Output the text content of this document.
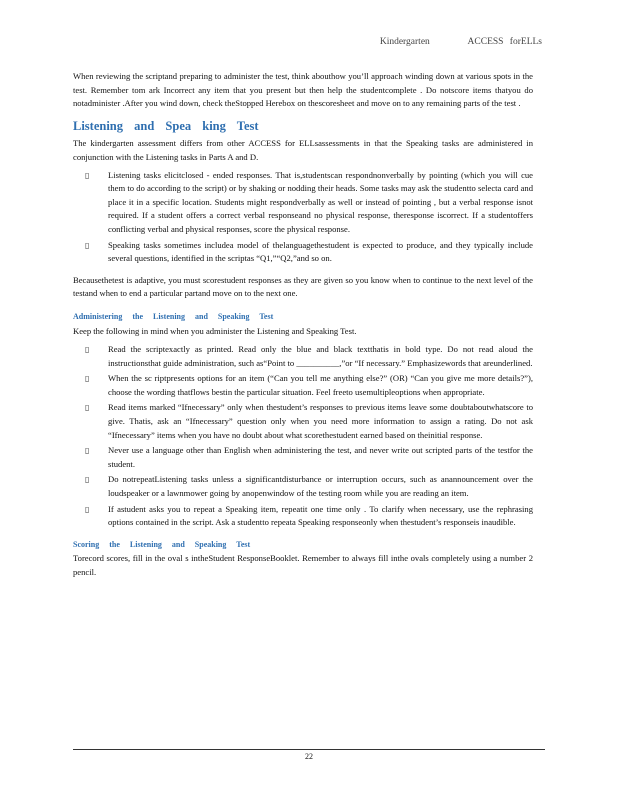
Kindergarten	ACCESS forELLs

When reviewing the scriptand preparing to administer the test, think abouthow you’ll approach winding down at various spots in the test. Remember tom ark Incorrect any item that you present but then help the studentcomplete . Do notscore items thatyou do notadminister .After you wind down, check theStopped Herebox on thescoresheet and move on to any remaining parts of the test .

Listening and Spea king Test

The kindergarten assessment differs from other ACCESS for ELLsassessments in that the Speaking tasks are administered in conjunction with the Listening tasks in Parts A and D.

▯ Listening tasks elicitclosed - ended responses. That is,studentscan respondnonverbally by pointing (which you will cue them to do according to the script) or by shaking or nodding their heads. Some tasks may ask the studentto selecta card and place it in a specific location. Students might respondverbally as well or instead of pointing , but a verbal response isnot required. If a student offers a correct verbal responseand no physical response, theresponse iscorrect. If a studentoffers conflicting verbal and physical responses, score the physical response.
▯ Speaking tasks sometimes includea model of thelanguagethestudent is expected to produce, and they typically include several questions, identified in the scriptas “Q1,”“Q2,”and so on.

Becausethetest is adaptive, you must scorestudent responses as they are given so you know when to continue to the next level of the testand when to end a particular partand move on to the next one.

Administering the Listening and Speaking Test

Keep the following in mind when you administer the Listening and Speaking Test.

▯ Read the scriptexactly as printed. Read only the blue and black textthatis in bold type. Do not read aloud the instructionsthat guide administration, such as“Point to __________,”or “If necessary.” Emphasizewords that areunderlined.
▯ When the sc riptpresents options for an item (“Can you tell me anything else?” (OR) “Can you give me more details?”), choose the wording thatflows bestin the particular situation. Feel freeto usemultipleoptions when appropriate.
▯ Read items marked “Ifnecessary” only when thestudent’s responses to previous items leave some doubtaboutwhatscore to give. Thatis, ask an “Ifnecessary” question only when you need more information to assign a rating. Do not ask “Ifnecessary” items when you have no doubt about what scorethestudent earned based on theinitial response.
▯ Never use a language other than English when administering the test, and never write out scripted parts of the testfor the student.
▯ Do notrepeatListening tasks unless a significantdisturbance or interruption occurs, such as anannouncement over the loudspeaker or a lawnmower going by anopenwindow of the testing room while you are reading an item.
▯ If astudent asks you to repeat a Speaking item, repeatit one time only . To clarify when necessary, use the rephrasing options contained in the script. Ask a studentto repeata Speaking responseonly when thestudent’s responseis inaudible.
Scoring the Listening and Speaking Test

Torecord scores, fill in the oval s intheStudent ResponseBooklet. Remember to always fill inthe ovals completely using a number 2 pencil.

22
